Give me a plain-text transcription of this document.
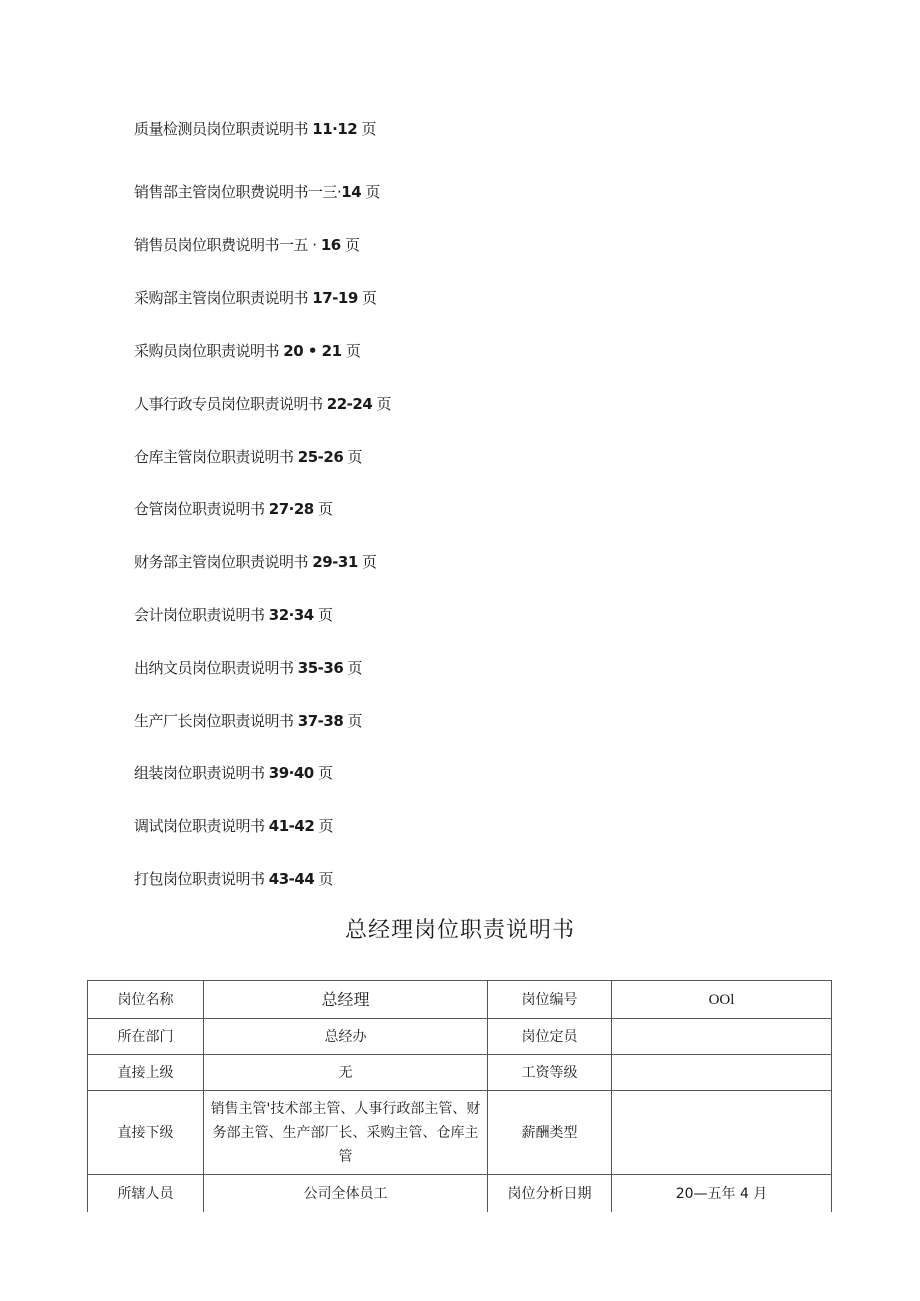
质量检测员岗位职责说明书 11·12 页
销售部主管岗位职费说明书一三·14 页
销售员岗位职费说明书一五 · 16 页
采购部主管岗位职责说明书 17-19 页
采购员岗位职责说明书 20 • 21 页
人事行政专员岗位职责说明书 22-24 页
仓库主管岗位职责说明书 25-26 页
仓管岗位职责说明书 27·28 页
财务部主管岗位职责说明书 29-31 页
会计岗位职责说明书 32·34 页
出纳文员岗位职责说明书 35-36 页
生产厂长岗位职责说明书 37-38 页
组装岗位职责说明书 39·40 页
调试岗位职责说明书 41-42 页
打包岗位职责说明书 43-44 页
总经理岗位职责说明书
岗位名称	总经理	岗位编号	OOl
所在部门	总经办	岗位定员	
直接上级	无	工资等级	
直接下级	销售主管'技术部主管、人事行政部主管、财务部主管、生产部厂长、采购主管、仓库主管	薪酬类型	
所辖人员	公司全体员工	岗位分析日期	20—五年 4 月
